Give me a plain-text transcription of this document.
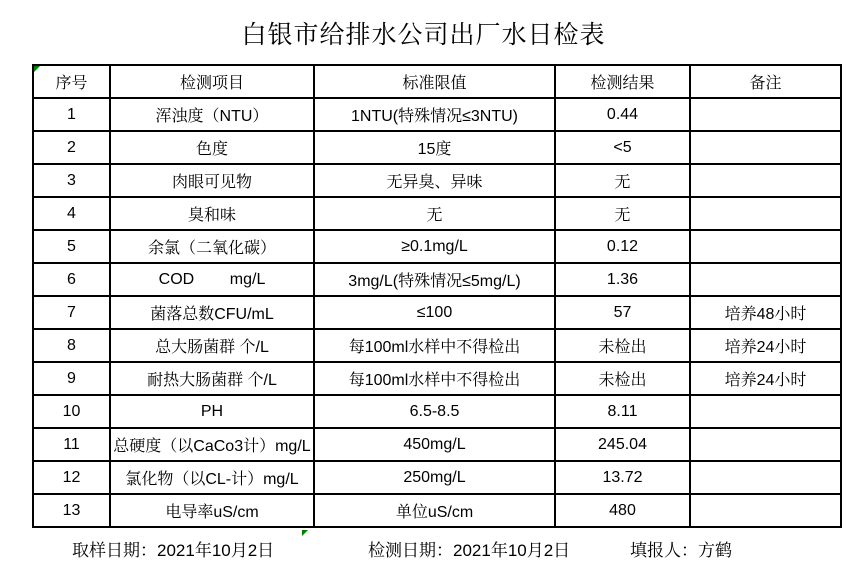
白银市给排水公司出厂水日检表
序号	检测项目	标准限值	检测结果	备注
1	浑浊度（NTU）	1NTU(特殊情况≤3NTU)	0.44	
2	色度	15度	<5	
3	肉眼可见物	无异臭、异味	无	
4	臭和味	无	无	
5	余氯（二氧化碳）	≥0.1mg/L	0.12	
6	COD        mg/L	3mg/L(特殊情况≤5mg/L)	1.36	
7	菌落总数CFU/mL	≤100	57	培养48小时
8	总大肠菌群 个/L	每100ml水样中不得检出	未检出	培养24小时
9	耐热大肠菌群 个/L	每100ml水样中不得检出	未检出	培养24小时
10	PH	6.5-8.5	8.11	
11	总硬度（以CaCo3计）mg/L	450mg/L	245.04	
12	氯化物（以CL-计）mg/L	250mg/L	13.72	
13	电导率uS/cm	单位uS/cm	480	
取样日期：2021年10月2日	检测日期：2021年10月2日	填报人：方鹤
